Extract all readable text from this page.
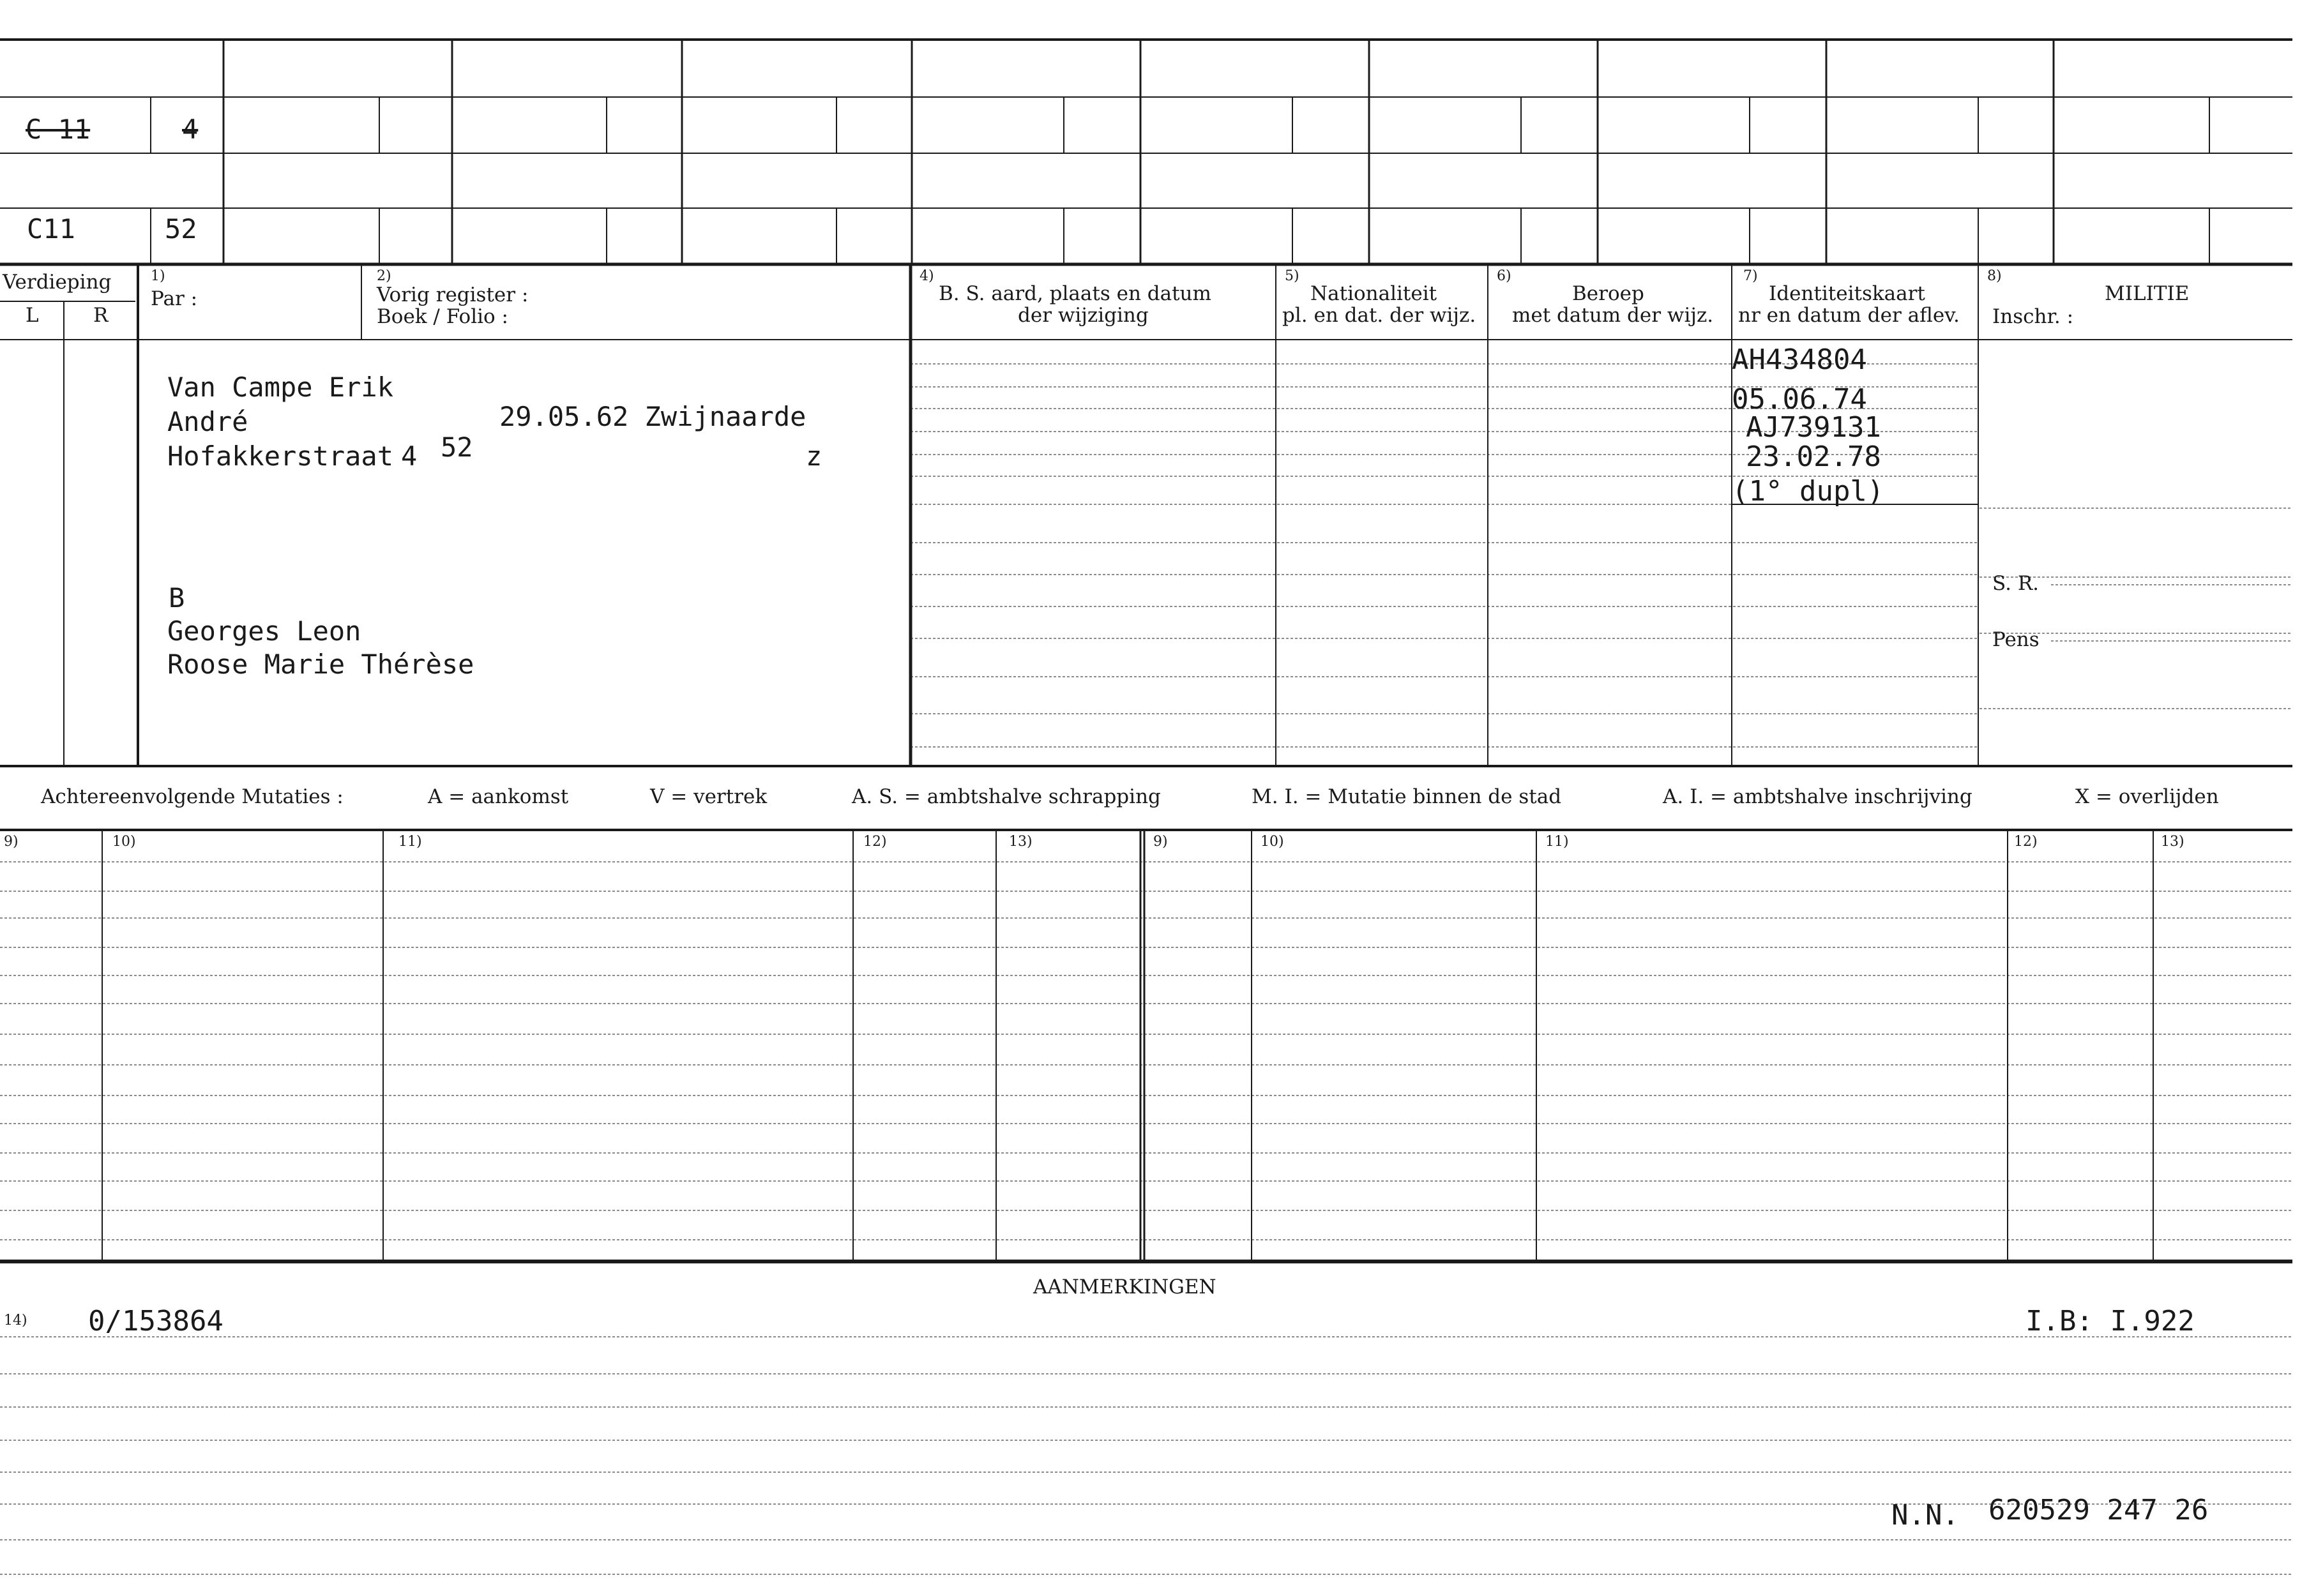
C 11	4
C11	52
Verdieping
L	R
1)
Par :
2)
Vorig register :
Boek / Folio :
4)
B. S. aard, plaats en datum
der wijziging
5)
Nationaliteit
pl. en dat. der wijz.
6)
Beroep
met datum der wijz.
7)
Identiteitskaart
nr en datum der aflev.
8)
MILITIE
Inschr. :
S. R.
Pens
Van Campe Erik
André	29.05.62 Zwijnaarde
Hofakkerstraat 4 52	z
B
Georges Leon
Roose Marie Thérèse
AH434804
05.06.74
AJ739131
23.02.78
(1° dupl)
Achtereenvolgende Mutaties :	A = aankomst	V = vertrek	A. S. = ambtshalve schrapping	M. I. = Mutatie binnen de stad	A. I. = ambtshalve inschrijving	X = overlijden
9)	10)	11)	12)	13)	9)	10)	11)	12)	13)
AANMERKINGEN
14) 0/153864	I.B: I.922
N.N. 620529 247 26
